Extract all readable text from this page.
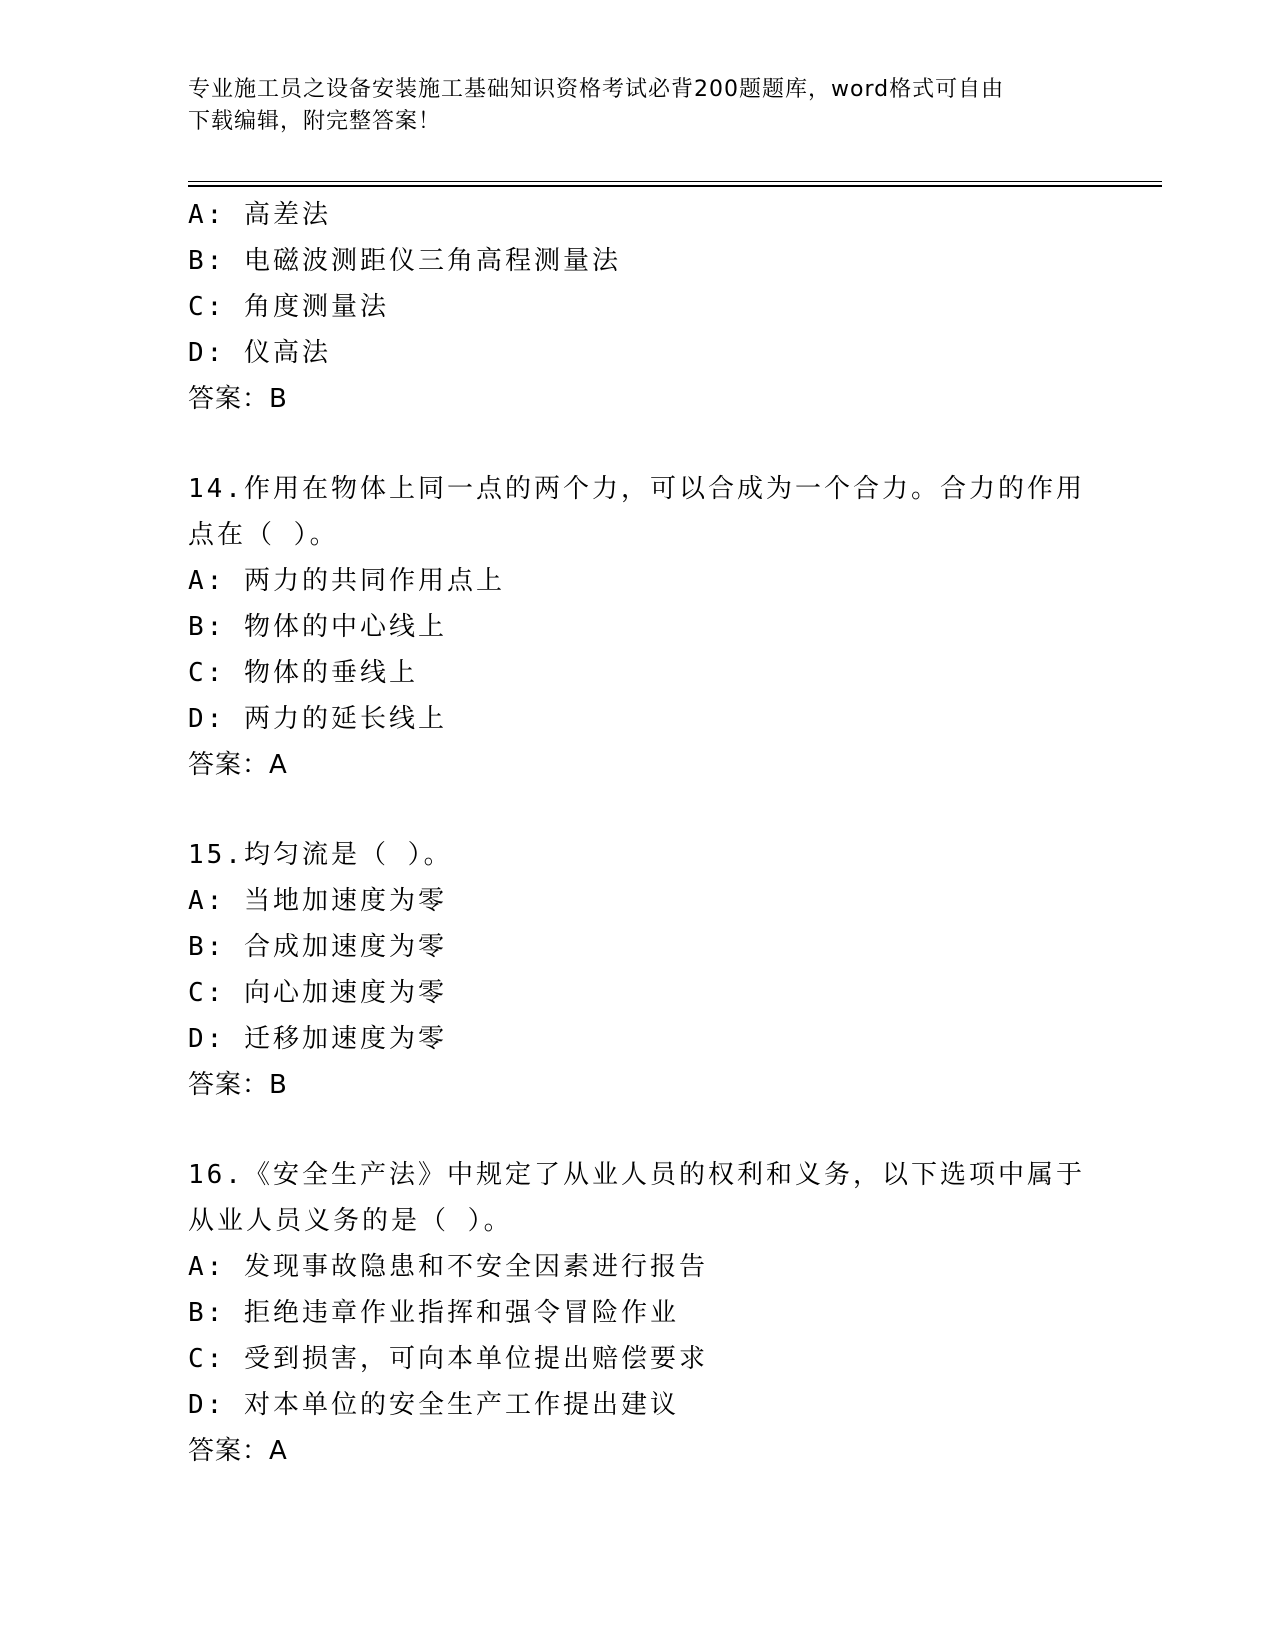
专业施工员之设备安装施工基础知识资格考试必背200题题库，word格式可自由
下载编辑，附完整答案！
A: 高差法
B: 电磁波测距仪三角高程测量法
C: 角度测量法
D: 仪高法
答案：B
14.作用在物体上同一点的两个力，可以合成为一个合力。合力的作用点在（ ）。
A: 两力的共同作用点上
B: 物体的中心线上
C: 物体的垂线上
D: 两力的延长线上
答案：A
15.均匀流是（ ）。
A: 当地加速度为零
B: 合成加速度为零
C: 向心加速度为零
D: 迁移加速度为零
答案：B
16.《安全生产法》中规定了从业人员的权利和义务，以下选项中属于从业人员义务的是（ ）。
A: 发现事故隐患和不安全因素进行报告
B: 拒绝违章作业指挥和强令冒险作业
C: 受到损害，可向本单位提出赔偿要求
D: 对本单位的安全生产工作提出建议
答案：A
